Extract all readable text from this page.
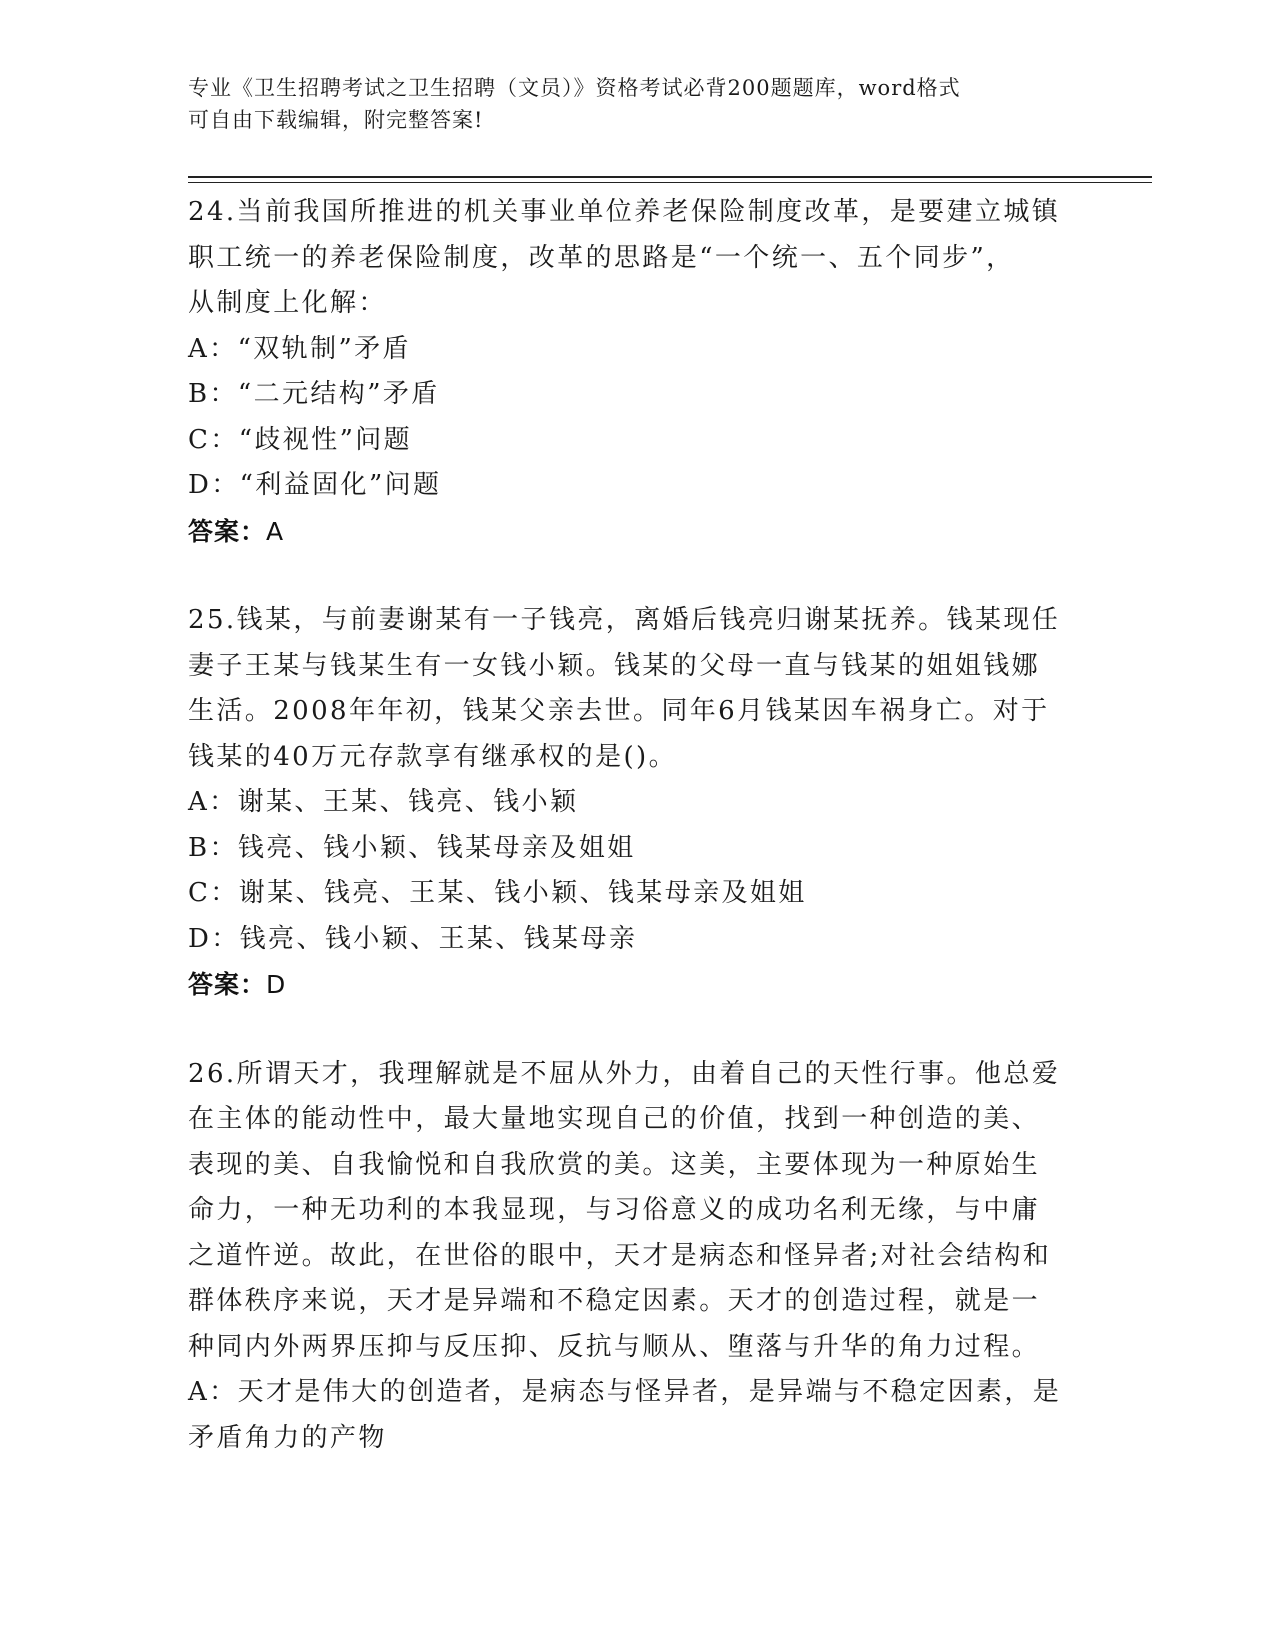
专业《卫生招聘考试之卫生招聘（文员）》资格考试必背200题题库，word格式
可自由下载编辑，附完整答案!

24.当前我国所推进的机关事业单位养老保险制度改革，是要建立城镇

职工统一的养老保险制度，改革的思路是“一个统一、五个同步”，

从制度上化解：

A：“双轨制”矛盾

B：“二元结构”矛盾

C：“歧视性”问题

D：“利益固化”问题

答案：A

25.钱某，与前妻谢某有一子钱亮，离婚后钱亮归谢某抚养。钱某现任

妻子王某与钱某生有一女钱小颖。钱某的父母一直与钱某的姐姐钱娜

生活。2008年年初，钱某父亲去世。同年6月钱某因车祸身亡。对于

钱某的40万元存款享有继承权的是()。

A：谢某、王某、钱亮、钱小颖

B：钱亮、钱小颖、钱某母亲及姐姐

C：谢某、钱亮、王某、钱小颖、钱某母亲及姐姐

D：钱亮、钱小颖、王某、钱某母亲

答案：D

26.所谓天才，我理解就是不屈从外力，由着自己的天性行事。他总爱

在主体的能动性中，最大量地实现自己的价值，找到一种创造的美、

表现的美、自我愉悦和自我欣赏的美。这美，主要体现为一种原始生

命力，一种无功利的本我显现，与习俗意义的成功名利无缘，与中庸

之道忤逆。故此，在世俗的眼中，天才是病态和怪异者;对社会结构和

群体秩序来说，天才是异端和不稳定因素。天才的创造过程，就是一

种同内外两界压抑与反压抑、反抗与顺从、堕落与升华的角力过程。

A：天才是伟大的创造者，是病态与怪异者，是异端与不稳定因素，是

矛盾角力的产物
